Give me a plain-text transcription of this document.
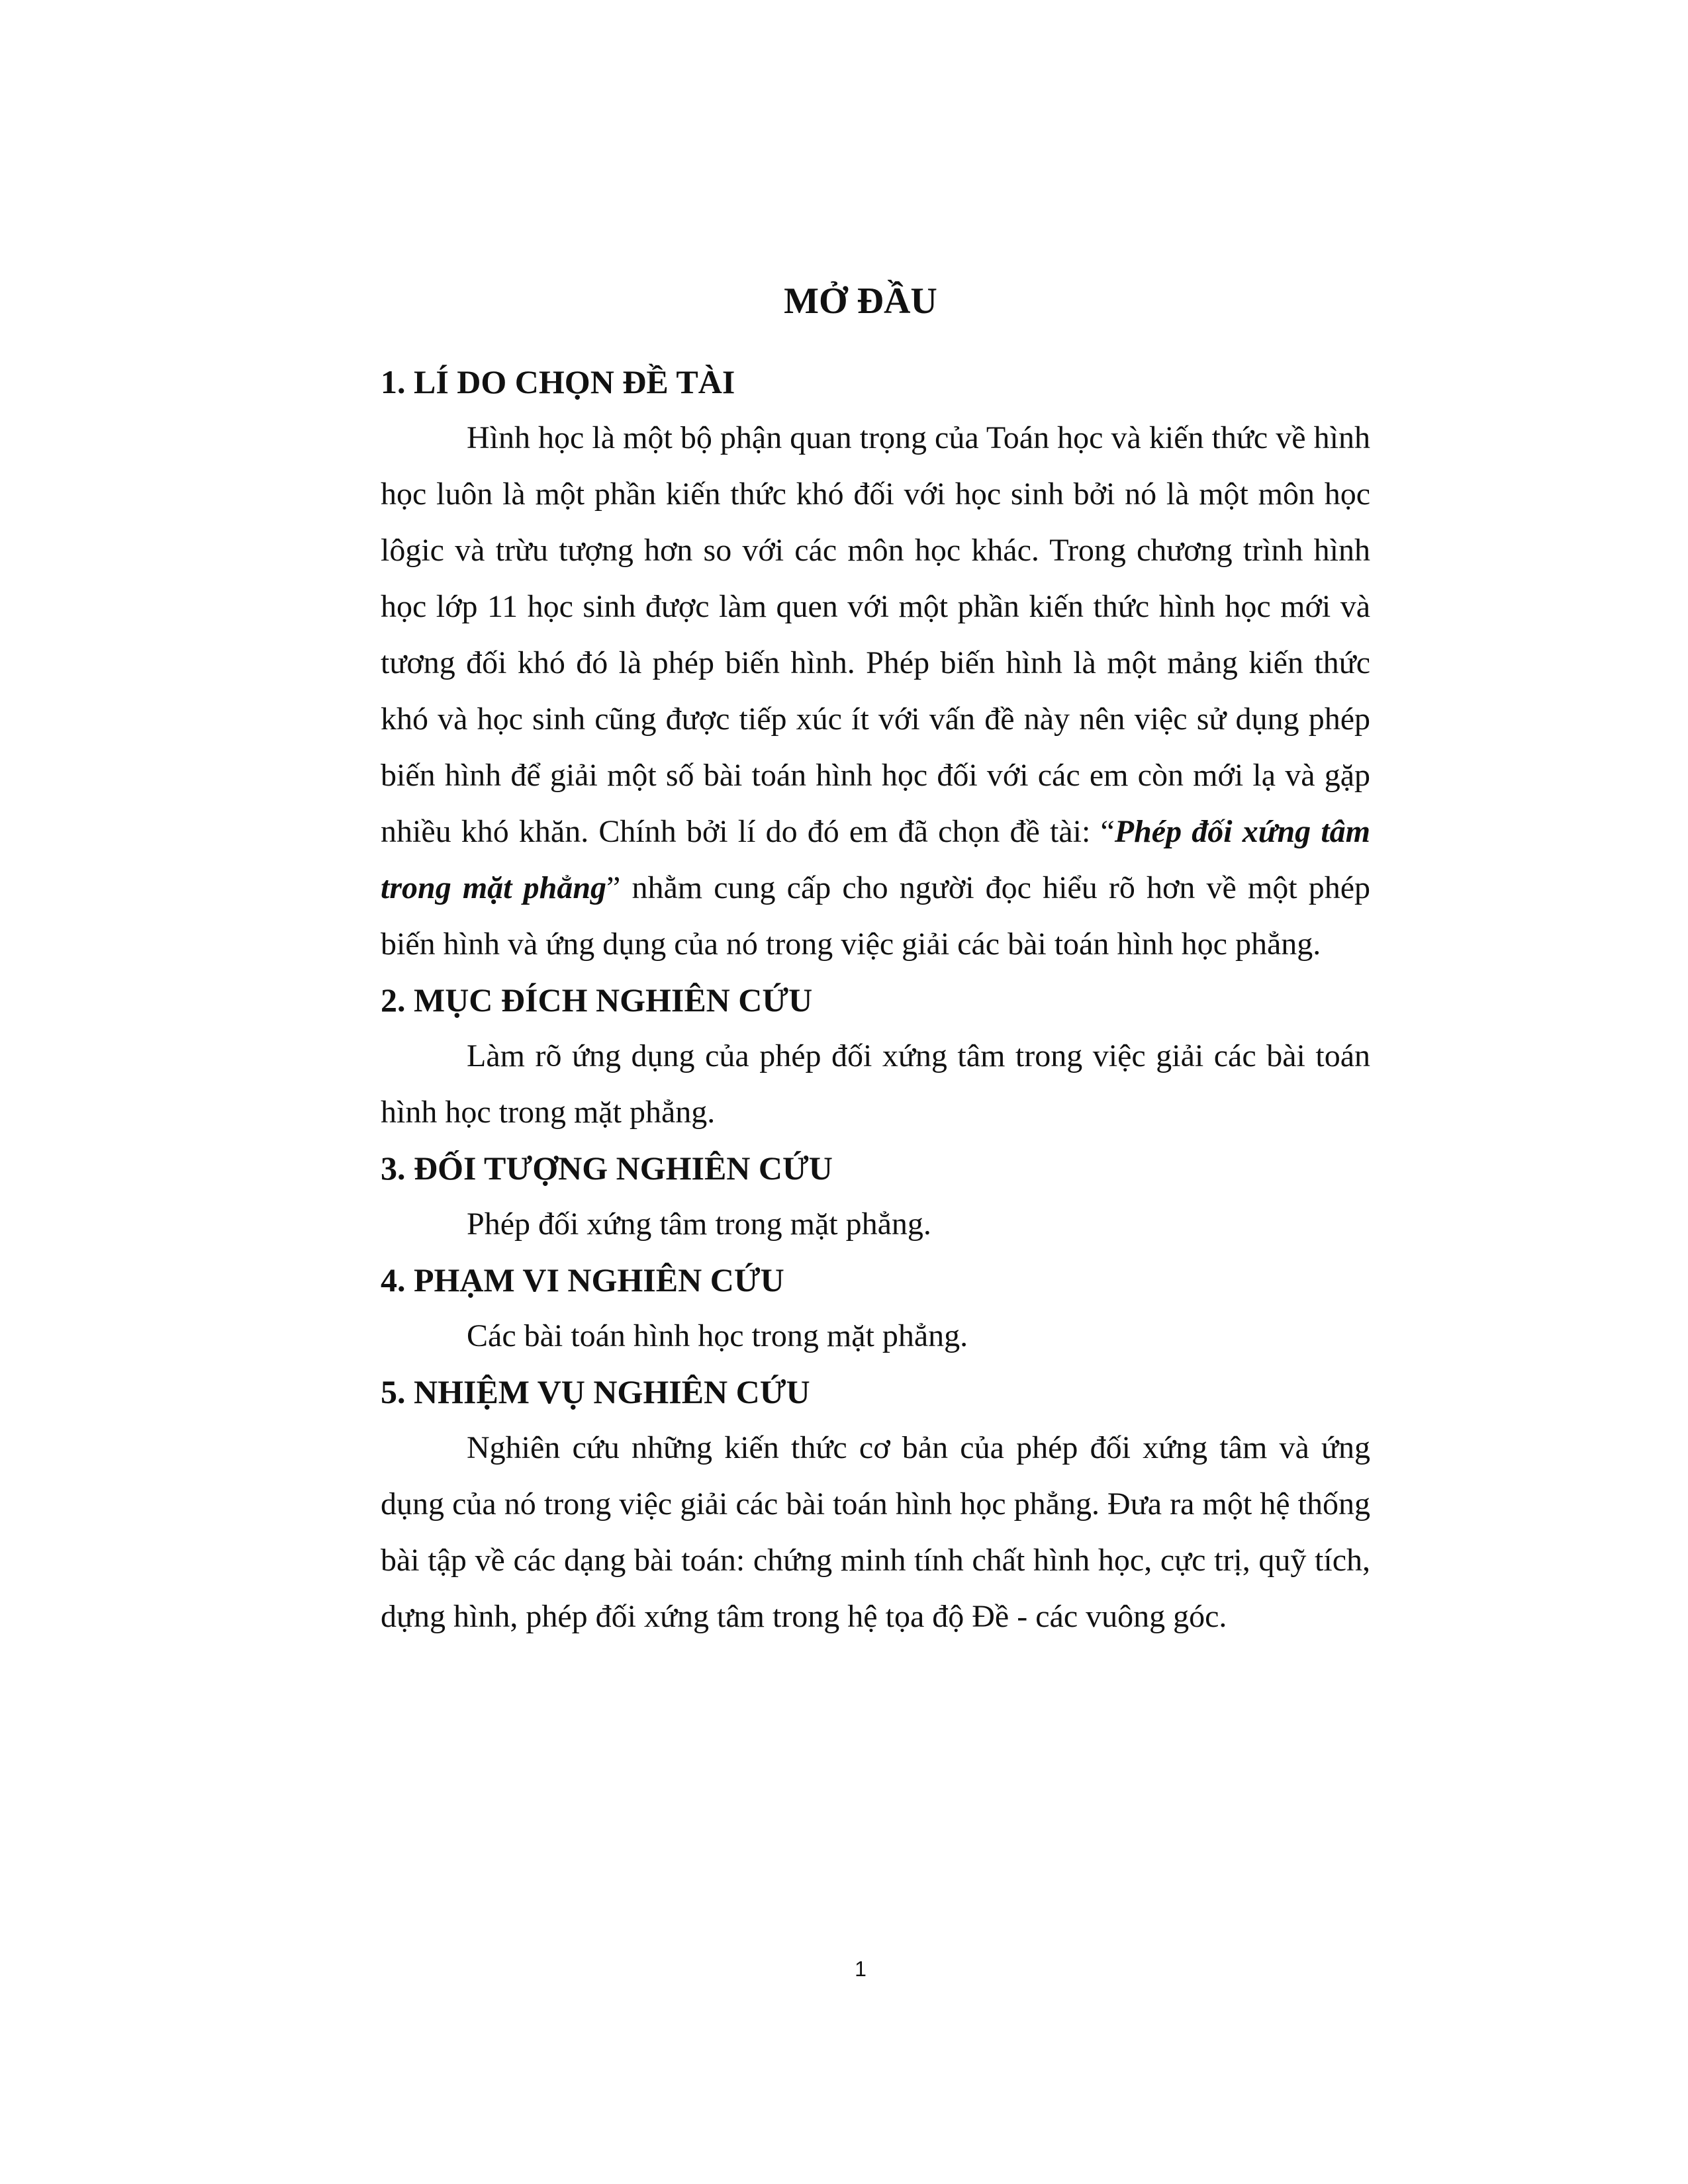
MỞ ĐẦU
1. LÍ DO CHỌN ĐỀ TÀI

Hình học là một bộ phận quan trọng của Toán học và kiến thức về hình học luôn là một phần kiến thức khó đối với học sinh bởi nó là một môn học lôgic và trừu tượng hơn so với các môn học khác. Trong chương trình hình học lớp 11 học sinh được làm quen với một phần kiến thức hình học mới và tương đối khó đó là phép biến hình. Phép biến hình là một mảng kiến thức khó và học sinh cũng được tiếp xúc ít với vấn đề này nên việc sử dụng phép biến hình để giải một số bài toán hình học đối với các em còn mới lạ và gặp nhiều khó khăn. Chính bởi lí do đó em đã chọn đề tài: “Phép đối xứng tâm trong mặt phẳng” nhằm cung cấp cho người đọc hiểu rõ hơn về một phép biến hình và ứng dụng của nó trong việc giải các bài toán hình học phẳng.

2. MỤC ĐÍCH NGHIÊN CỨU

Làm rõ ứng dụng của phép đối xứng tâm trong việc giải các bài toán hình học trong mặt phẳng.

3. ĐỐI TƯỢNG NGHIÊN CỨU

Phép đối xứng tâm trong mặt phẳng.

4. PHẠM VI NGHIÊN CỨU

Các bài toán hình học trong mặt phẳng.

5. NHIỆM VỤ NGHIÊN CỨU

Nghiên cứu những kiến thức cơ bản của phép đối xứng tâm và ứng dụng của nó trong việc giải các bài toán hình học phẳng. Đưa ra một hệ thống bài tập về các dạng bài toán: chứng minh tính chất hình học, cực trị, quỹ tích, dựng hình, phép đối xứng tâm trong hệ tọa độ Đề - các vuông góc.

1
